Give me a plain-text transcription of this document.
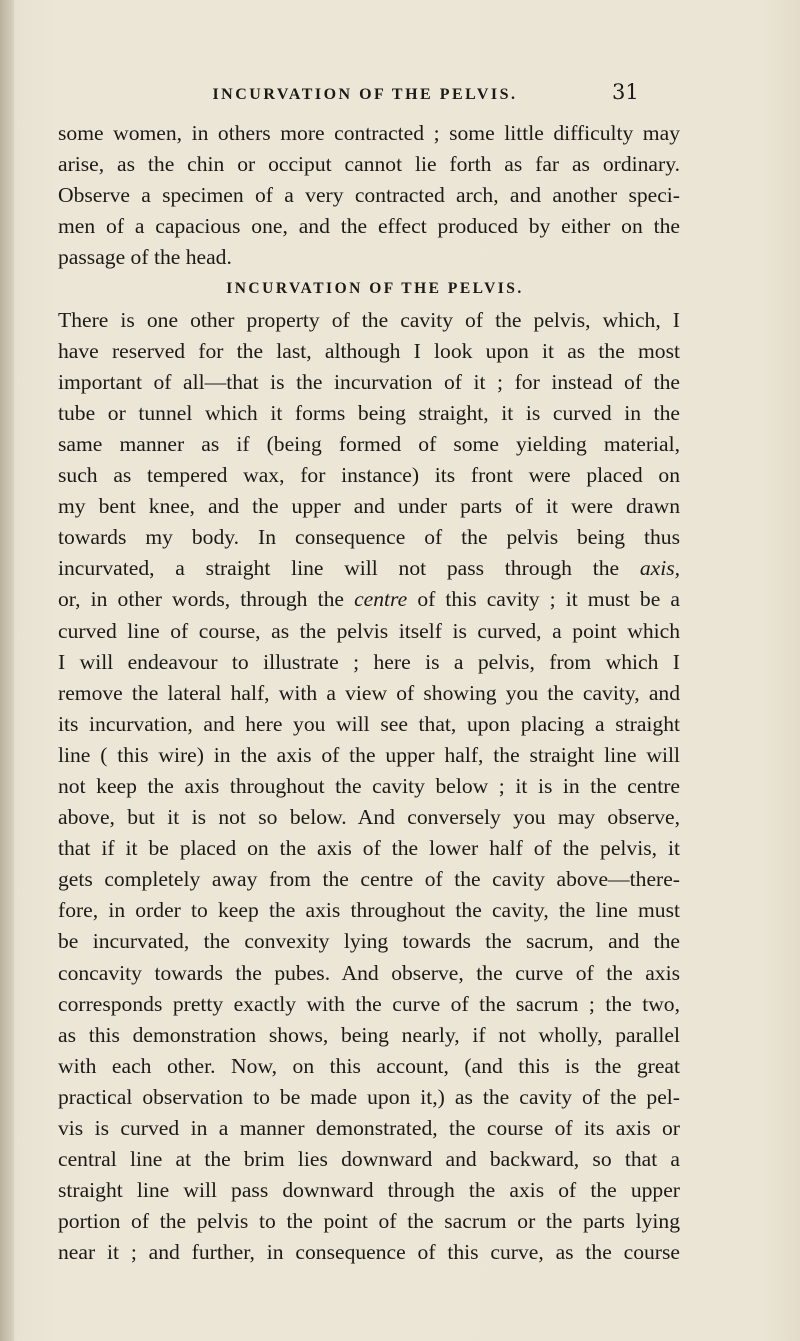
INCURVATION OF THE PELVIS.	31
some women, in others more contracted ; some little difficulty may
arise, as the chin or occiput cannot lie forth as far as ordinary.
Observe a specimen of a very contracted arch, and another speci-
men of a capacious one, and the effect produced by either on the
passage of the head.
INCURVATION OF THE PELVIS.
There is one other property of the cavity of the pelvis, which, I
have reserved for the last, although I look upon it as the most
important of all—that is the incurvation of it ; for instead of the
tube or tunnel which it forms being straight, it is curved in the
same manner as if (being formed of some yielding material,
such as tempered wax, for instance) its front were placed on
my bent knee, and the upper and under parts of it were drawn
towards my body. In consequence of the pelvis being thus
incurvated, a straight line will not pass through the axis,
or, in other words, through the centre of this cavity ; it must be a
curved line of course, as the pelvis itself is curved, a point which
I will endeavour to illustrate ; here is a pelvis, from which I
remove the lateral half, with a view of showing you the cavity, and
its incurvation, and here you will see that, upon placing a straight
line ( this wire) in the axis of the upper half, the straight line will
not keep the axis throughout the cavity below ; it is in the centre
above, but it is not so below. And conversely you may observe,
that if it be placed on the axis of the lower half of the pelvis, it
gets completely away from the centre of the cavity above—there-
fore, in order to keep the axis throughout the cavity, the line must
be incurvated, the convexity lying towards the sacrum, and the
concavity towards the pubes. And observe, the curve of the axis
corresponds pretty exactly with the curve of the sacrum ; the two,
as this demonstration shows, being nearly, if not wholly, parallel
with each other. Now, on this account, (and this is the great
practical observation to be made upon it,) as the cavity of the pel-
vis is curved in a manner demonstrated, the course of its axis or
central line at the brim lies downward and backward, so that a
straight line will pass downward through the axis of the upper
portion of the pelvis to the point of the sacrum or the parts lying
near it ; and further, in consequence of this curve, as the course
